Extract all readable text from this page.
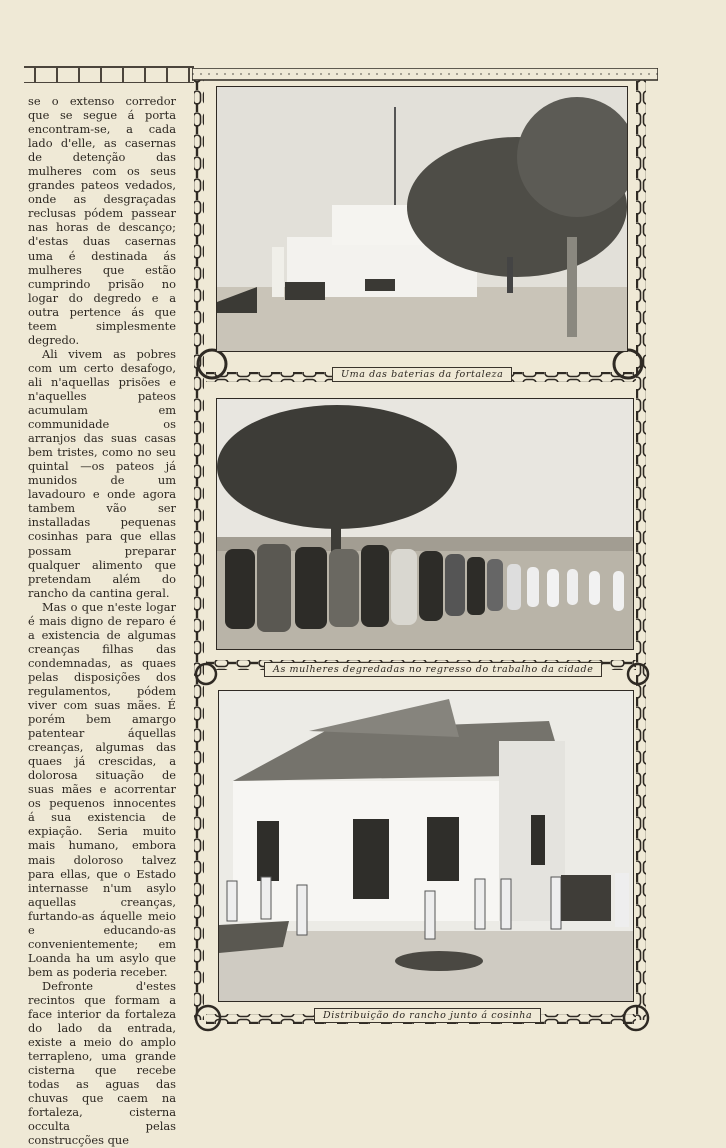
se o extenso corredor que se segue á porta encontram-se, a cada lado d'elle, as casernas de detenção das mulheres com os seus grandes pateos vedados, onde as desgraçadas reclusas pódem passear nas horas de descanço; d'estas duas casernas uma é destinada ás mulheres que estão cumprindo prisão no logar do degredo e a outra pertence ás que teem simplesmente degredo.

Ali vivem as pobres com um certo desafogo, ali n'aquellas prisões e n'aquelles pateos acumulam em communidade os arranjos das suas casas bem tristes, como no seu quintal —os pateos já munidos de um lavadouro e onde agora tambem vão ser installadas pequenas cosinhas para que ellas possam preparar qualquer alimento que pretendam além do rancho da cantina geral.

Mas o que n'este logar é mais digno de reparo é a existencia de algumas creanças filhas das condemnadas, as quaes pelas disposições dos regulamentos, pódem viver com suas mães. É porém bem amargo patentear áquellas creanças, algumas das quaes já crescidas, a dolorosa situação de suas mães e acorrentar os pequenos innocentes á sua existencia de expiação. Seria muito mais humano, embora mais doloroso talvez para ellas, que o Estado internasse n'um asylo aquellas creanças, furtando-as áquelle meio e educando-as convenientemente; em Loanda ha um asylo que bem as poderia receber.

Defronte d'estes recintos que formam a face interior da fortaleza do lado da entrada, existe a meio do amplo terrapleno, uma grande cisterna que recebe todas as aguas das chuvas que caem na fortaleza, cisterna occulta pelas construcções que

Uma das baterias da fortaleza
As mulheres degredadas no regresso do trabalho da cidade
Distribuição do rancho junto á cosinha
